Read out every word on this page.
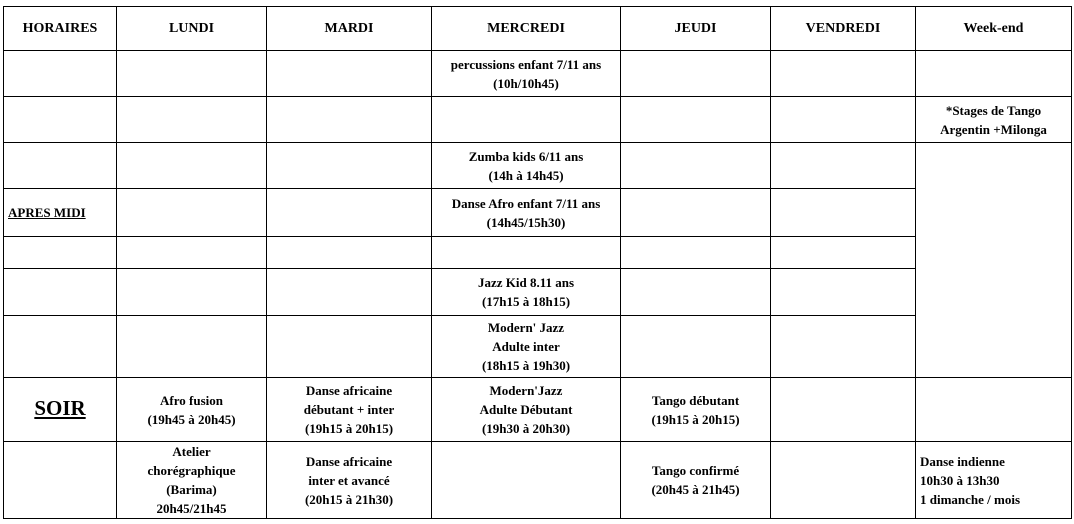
HORAIRES	LUNDI	MARDI	MERCREDI	JEUDI	VENDREDI	Week-end
			percussions enfant 7/11 ans
(10h/10h45)			
						*Stages de Tango
Argentin +Milonga
			Zumba kids 6/11 ans
(14h à 14h45)			
APRES MIDI			Danse Afro enfant 7/11 ans
(14h45/15h30)			

			Jazz Kid 8.11 ans
(17h15 à 18h15)			
			Modern' Jazz
Adulte inter
(18h15 à 19h30)			
SOIR	Afro fusion
(19h45 à 20h45)	Danse africaine
débutant + inter
(19h15 à 20h15)	Modern'Jazz
Adulte Débutant
(19h30 à 20h30)	Tango débutant
(19h15 à 20h15)		
	Atelier
chorégraphique
(Barima)
20h45/21h45	Danse africaine
inter et avancé
(20h15 à 21h30)		Tango confirmé
(20h45 à 21h45)		Danse indienne
10h30 à 13h30
1 dimanche / mois
